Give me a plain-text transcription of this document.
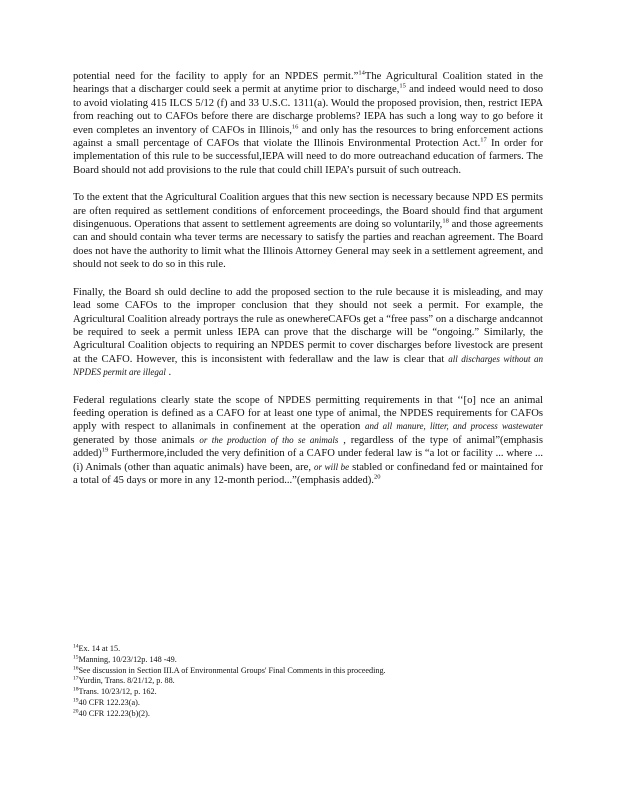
potential need for the facility to apply for an NPDES permit.”$^{14}$The Agricultural Coalition stated in the hearings that a discharger could seek a permit at anytime prior to discharge,$^{15}$ and indeed would need to doso to avoid violating 415 ILCS 5/12 (f) and 33 U.S.C. 1311(a). Would the proposed provision, then, restrict IEPA from reaching out to CAFOs before there are discharge problems? IEPA has such a long way to go before it even completes an inventory of CAFOs in Illinois,$^{16}$ and only has the resources to bring enforcement actions against a small percentage of CAFOs that violate the Illinois Environmental Protection Act.$^{17}$ In order for implementation of this rule to be successful,IEPA will need to do more outreachand education of farmers. The Board should not add provisions to the rule that could chill IEPA’s pursuit of such outreach.

To the extent that the Agricultural Coalition argues that this new section is necessary because NPD ES permits are often required as settlement conditions of enforcement proceedings, the Board should find that argument disingenuous. Operations that assent to settlement agreements are doing so voluntarily,$^{18}$ and those agreements can and should contain wha tever terms are necessary to satisfy the parties and reachan agreement. The Board does not have the authority to limit what the Illinois Attorney General may seek in a settlement agreement, and should not seek to do so in this rule.

Finally, the Board sh ould decline to add the proposed section to the rule because it is misleading, and may lead some CAFOs to the improper conclusion that they should not seek a permit. For example, the Agricultural Coalition already portrays the rule as onewhereCAFOs get a “free pass” on a discharge andcannot be required to seek a permit unless IEPA can prove that the discharge will be “ongoing.” Similarly, the Agricultural Coalition objects to requiring an NPDES permit to cover discharges before livestock are present at the CAFO. However, this is inconsistent with federallaw and the law is clear that all discharges without an NPDES permit are illegal .

Federal regulations clearly state the scope of NPDES permitting requirements in that ‘‘[o] nce an animal feeding operation is defined as a CAFO for at least one type of animal, the NPDES requirements for CAFOs apply with respect to allanimals in confinement at the operation and all manure, litter, and process wastewater generated by those animals or the production of tho se animals , regardless of the type of animal”(emphasis added)$^{19}$ Furthermore,included the very definition of a CAFO under federal law is “a lot or facility ... where ... (i) Animals (other than aquatic animals) have been, are, or will be stabled or confinedand fed or maintained for a total of 45 days or more in any 12-month period...”(emphasis added).$^{20}$

$^{14}$Ex. 14 at 15.
$^{15}$Manning, 10/23/12p. 148 -49.
$^{16}$See discussion in Section III.A of Environmental Groups' Final Comments in this proceeding.
$^{17}$Yurdin, Trans. 8/21/12, p. 88.
$^{18}$Trans. 10/23/12, p. 162.
$^{19}$40 CFR 122.23(a).
$^{20}$40 CFR 122.23(b)(2).
